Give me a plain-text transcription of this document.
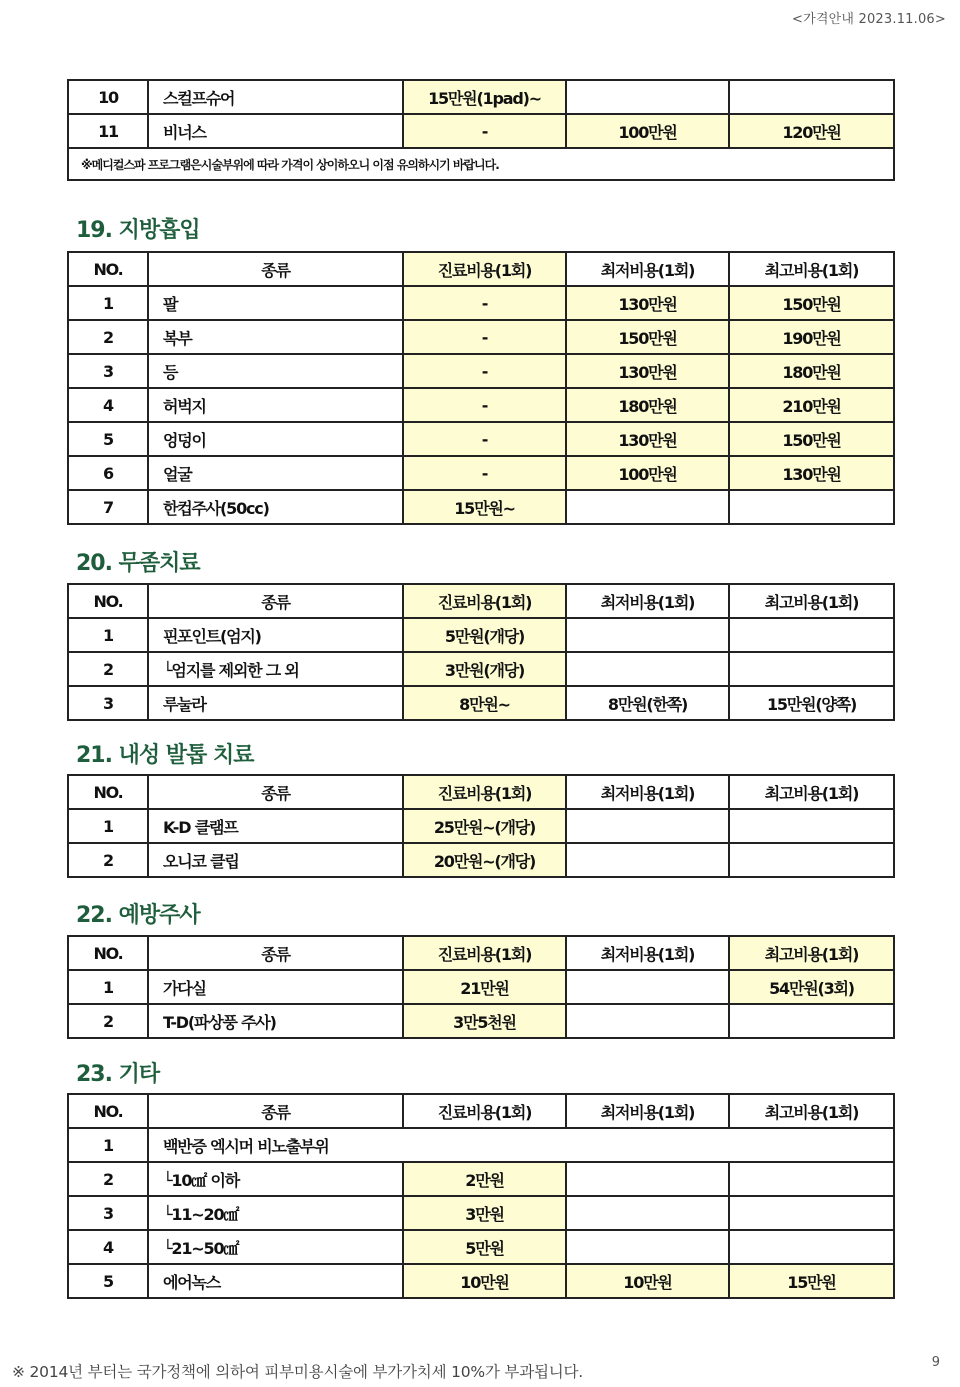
<가격안내 2023.11.06>
10	스컬프슈어	15만원(1pad)~		
11	비너스	-	100만원	120만원
※메디컬스파 프로그램은시술부위에 따라 가격이 상이하오니 이점 유의하시기 바랍니다.				
19. 지방흡입
NO.	종류	진료비용(1회)	최저비용(1회)	최고비용(1회)
1	팔	-	130만원	150만원
2	복부	-	150만원	190만원
3	등	-	130만원	180만원
4	허벅지	-	180만원	210만원
5	엉덩이	-	130만원	150만원
6	얼굴	-	100만원	130만원
7	한컵주사(50cc)	15만원~		
20. 무좀치료
NO.	종류	진료비용(1회)	최저비용(1회)	최고비용(1회)
1	핀포인트(엄지)	5만원(개당)		
2	└엄지를 제외한 그 외	3만원(개당)		
3	루눌라	8만원~	8만원(한쪽)	15만원(양쪽)
21. 내성 발톱 치료
NO.	종류	진료비용(1회)	최저비용(1회)	최고비용(1회)
1	K-D 클램프	25만원~(개당)		
2	오니코 클립	20만원~(개당)		
22. 예방주사
NO.	종류	진료비용(1회)	최저비용(1회)	최고비용(1회)
1	가다실	21만원		54만원(3회)
2	T-D(파상풍 주사)	3만5천원		
23. 기타
NO.	종류	진료비용(1회)	최저비용(1회)	최고비용(1회)
1	백반증 엑시머 비노출부위			
2	└10㎠ 이하	2만원		
3	└11~20㎠	3만원		
4	└21~50㎠	5만원		
5	에어녹스	10만원	10만원	15만원
※ 2014년 부터는 국가정책에 의하여 피부미용시술에 부가가치세 10%가 부과됩니다.
9
